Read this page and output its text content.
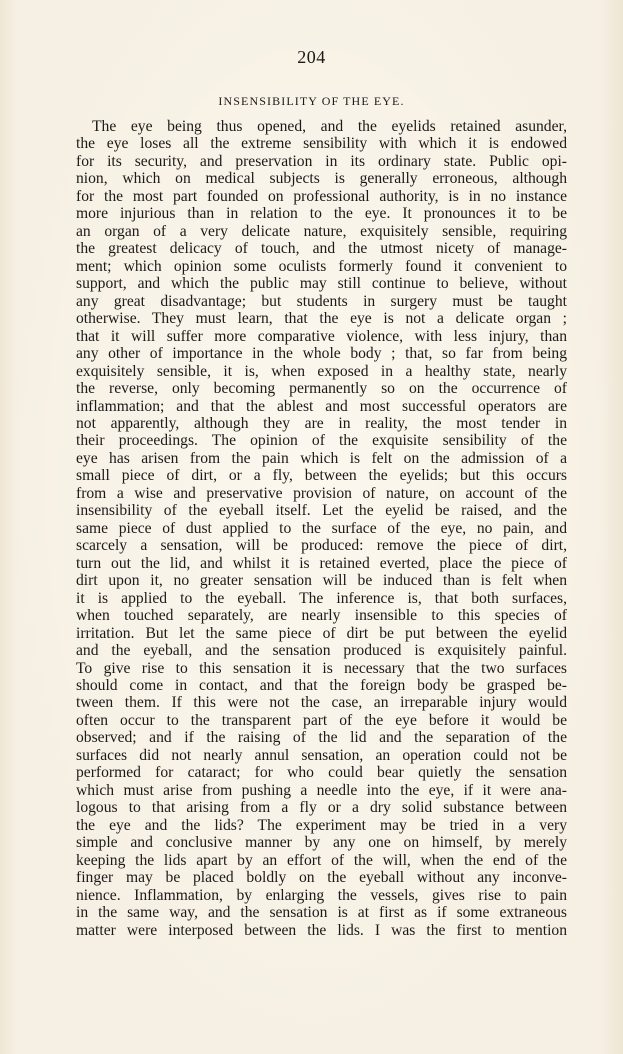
204
INSENSIBILITY OF THE EYE.
The eye being thus opened, and the eyelids retained asunder,
the eye loses all the extreme sensibility with which it is endowed
for its security, and preservation in its ordinary state. Public opi-
nion, which on medical subjects is generally erroneous, although
for the most part founded on professional authority, is in no instance
more injurious than in relation to the eye. It pronounces it to be
an organ of a very delicate nature, exquisitely sensible, requiring
the greatest delicacy of touch, and the utmost nicety of manage-
ment; which opinion some oculists formerly found it convenient to
support, and which the public may still continue to believe, without
any great disadvantage; but students in surgery must be taught
otherwise. They must learn, that the eye is not a delicate organ ;
that it will suffer more comparative violence, with less injury, than
any other of importance in the whole body ; that, so far from being
exquisitely sensible, it is, when exposed in a healthy state, nearly
the reverse, only becoming permanently so on the occurrence of
inflammation; and that the ablest and most successful operators are
not apparently, although they are in reality, the most tender in
their proceedings. The opinion of the exquisite sensibility of the
eye has arisen from the pain which is felt on the admission of a
small piece of dirt, or a fly, between the eyelids; but this occurs
from a wise and preservative provision of nature, on account of the
insensibility of the eyeball itself. Let the eyelid be raised, and the
same piece of dust applied to the surface of the eye, no pain, and
scarcely a sensation, will be produced: remove the piece of dirt,
turn out the lid, and whilst it is retained everted, place the piece of
dirt upon it, no greater sensation will be induced than is felt when
it is applied to the eyeball. The inference is, that both surfaces,
when touched separately, are nearly insensible to this species of
irritation. But let the same piece of dirt be put between the eyelid
and the eyeball, and the sensation produced is exquisitely painful.
To give rise to this sensation it is necessary that the two surfaces
should come in contact, and that the foreign body be grasped be-
tween them. If this were not the case, an irreparable injury would
often occur to the transparent part of the eye before it would be
observed; and if the raising of the lid and the separation of the
surfaces did not nearly annul sensation, an operation could not be
performed for cataract; for who could bear quietly the sensation
which must arise from pushing a needle into the eye, if it were ana-
logous to that arising from a fly or a dry solid substance between
the eye and the lids? The experiment may be tried in a very
simple and conclusive manner by any one on himself, by merely
keeping the lids apart by an effort of the will, when the end of the
finger may be placed boldly on the eyeball without any inconve-
nience. Inflammation, by enlarging the vessels, gives rise to pain
in the same way, and the sensation is at first as if some extraneous
matter were interposed between the lids. I was the first to mention
